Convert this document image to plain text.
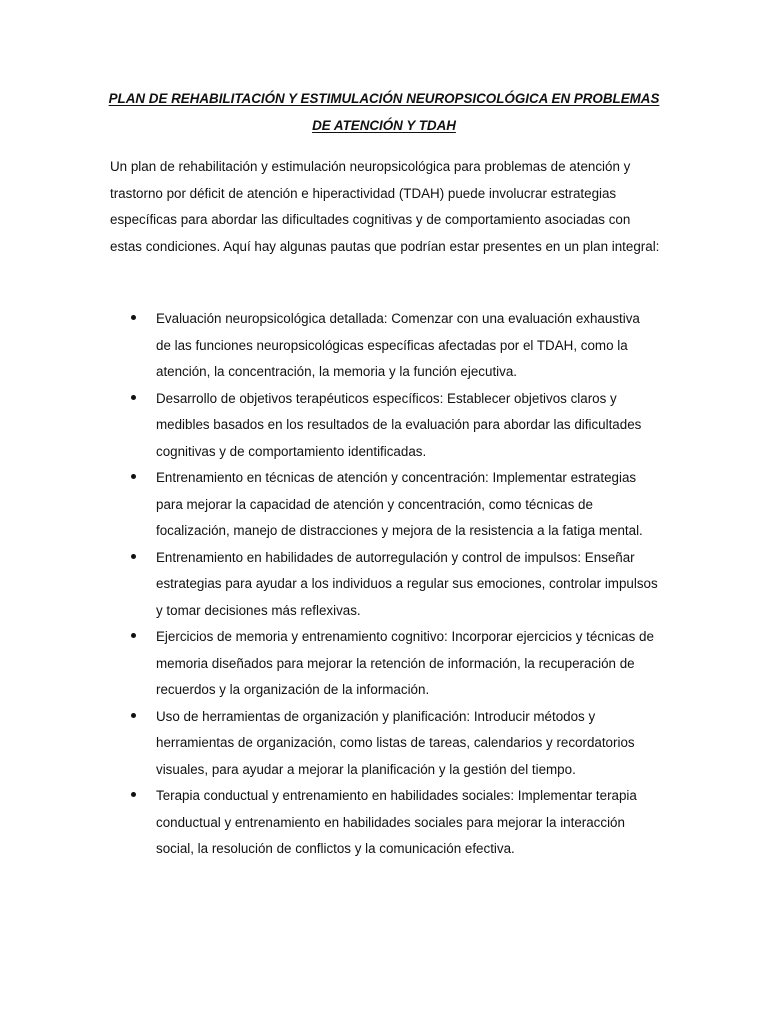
PLAN DE REHABILITACIÓN Y ESTIMULACIÓN NEUROPSICOLÓGICA EN PROBLEMAS DE ATENCIÓN Y TDAH

Un plan de rehabilitación y estimulación neuropsicológica para problemas de atención y trastorno por déficit de atención e hiperactividad (TDAH) puede involucrar estrategias específicas para abordar las dificultades cognitivas y de comportamiento asociadas con estas condiciones. Aquí hay algunas pautas que podrían estar presentes en un plan integral:

Evaluación neuropsicológica detallada: Comenzar con una evaluación exhaustiva de las funciones neuropsicológicas específicas afectadas por el TDAH, como la atención, la concentración, la memoria y la función ejecutiva.
Desarrollo de objetivos terapéuticos específicos: Establecer objetivos claros y medibles basados en los resultados de la evaluación para abordar las dificultades cognitivas y de comportamiento identificadas.
Entrenamiento en técnicas de atención y concentración: Implementar estrategias para mejorar la capacidad de atención y concentración, como técnicas de focalización, manejo de distracciones y mejora de la resistencia a la fatiga mental.
Entrenamiento en habilidades de autorregulación y control de impulsos: Enseñar estrategias para ayudar a los individuos a regular sus emociones, controlar impulsos y tomar decisiones más reflexivas.
Ejercicios de memoria y entrenamiento cognitivo: Incorporar ejercicios y técnicas de memoria diseñados para mejorar la retención de información, la recuperación de recuerdos y la organización de la información.
Uso de herramientas de organización y planificación: Introducir métodos y herramientas de organización, como listas de tareas, calendarios y recordatorios visuales, para ayudar a mejorar la planificación y la gestión del tiempo.
Terapia conductual y entrenamiento en habilidades sociales: Implementar terapia conductual y entrenamiento en habilidades sociales para mejorar la interacción social, la resolución de conflictos y la comunicación efectiva.
